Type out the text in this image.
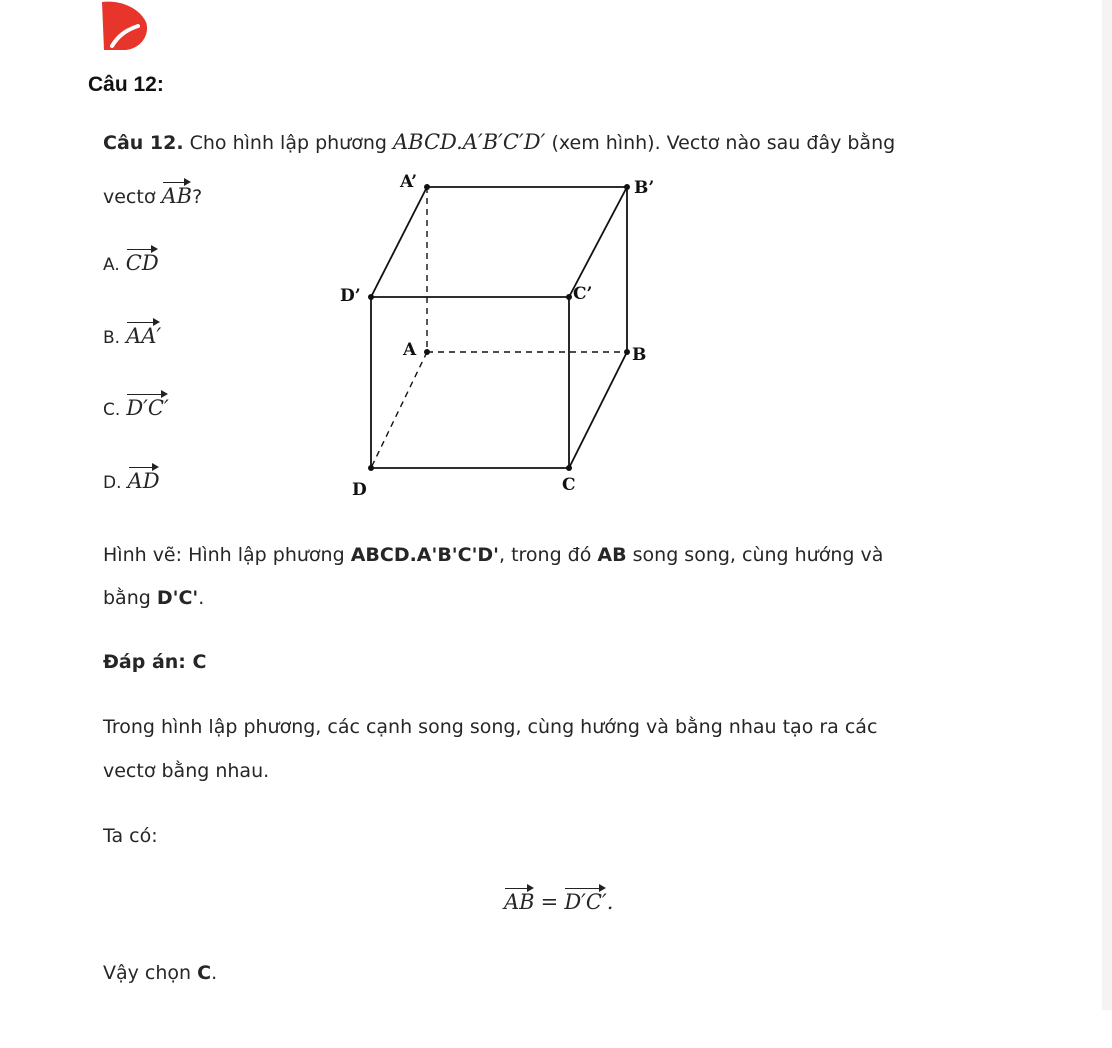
Câu 12:
Câu 12. Cho hình lập phương ABCD.A′B′C′D′ (xem hình). Vectơ nào sau đây bằng
vectơ AB?
A. CD
B. AA′
C. D′C′
D. AD
A’	B’
D’	C’
A	B
D	C
Hình vẽ: Hình lập phương ABCD.A'B'C'D', trong đó AB song song, cùng hướng và
bằng D'C'.
Đáp án: C
Trong hình lập phương, các cạnh song song, cùng hướng và bằng nhau tạo ra các
vectơ bằng nhau.
Ta có:
AB = D′C′.
Vậy chọn C.
